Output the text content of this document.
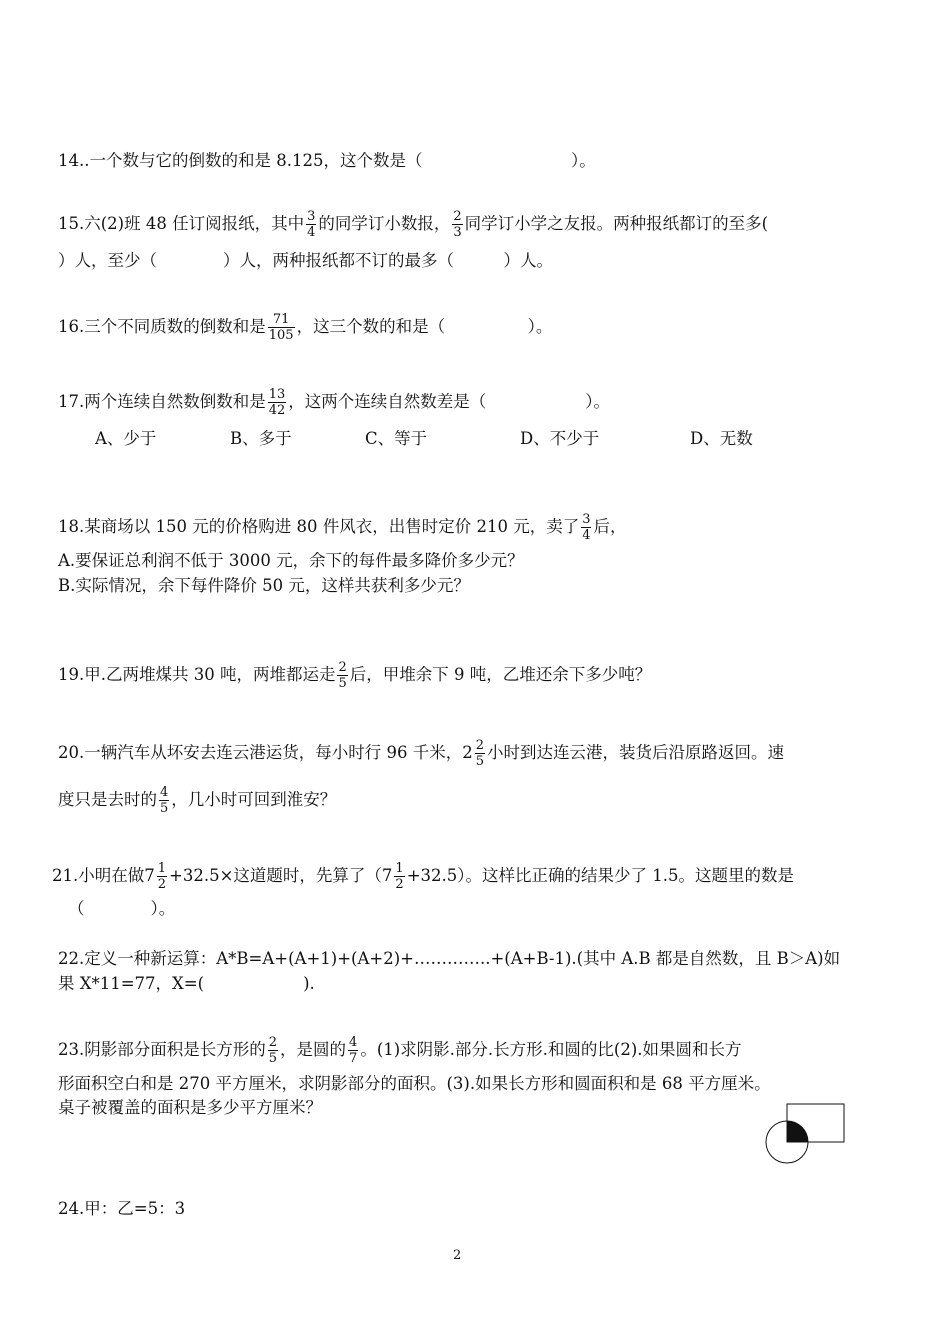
14..一个数与它的倒数的和是 8.125，这个数是（　　　　　　　　　）。
15.六(2)班 48 任订阅报纸，其中 $\frac{3}{4}$ 的同学订小数报， $\frac{2}{3}$ 同学订小学之友报。两种报纸都订的至多(
）人，至少（　　　　）人，两种报纸都不订的最多（　　　）人。
16.三个不同质数的倒数和是 $\frac{71}{105}$ ，这三个数的和是（　　　　　）。
17.两个连续自然数倒数和是 $\frac{13}{42}$ ，这两个连续自然数差是（　　　　　　）。
A、少于	B、多于	C、等于	D、不少于	D、无数
18.某商场以 150 元的价格购进 80 件风衣，出售时定价 210 元，卖了 $\frac{3}{4}$ 后，
A.要保证总利润不低于 3000 元，余下的每件最多降价多少元？
B.实际情况，余下每件降价 50 元，这样共获利多少元？
19.甲.乙两堆煤共 30 吨，两堆都运走 $\frac{2}{5}$ 后，甲堆余下 9 吨，乙堆还余下多少吨？
20.一辆汽车从坏安去连云港运货，每小时行 96 千米，$2 \frac{2}{5}$ 小时到达连云港，装货后沿原路返回。速
度只是去时的 $\frac{4}{5}$ ，几小时可回到淮安？
21.小明在做$7 \frac{1}{2} +32.5\times$这道题时，先算了$(7 \frac{1}{2} +32.5)$。这样比正确的结果少了 1.5。这题里的数是
（　　　　）。
22.定义一种新运算：A*B=A+(A+1)+(A+2)+…………..+(A+B-1).(其中 A.B 都是自然数，且 B＞A)如
果 X*11=77，X=(　　　　　　).
23.阴影部分面积是长方形的 $\frac{2}{5}$ ，是圆的 $\frac{4}{7}$ 。(1)求阴影.部分.长方形.和圆的比(2).如果圆和长方
形面积空白和是 270 平方厘米，求阴影部分的面积。(3).如果长方形和圆面积和是 68 平方厘米。
桌子被覆盖的面积是多少平方厘米？
24.甲：乙=5：3
2
